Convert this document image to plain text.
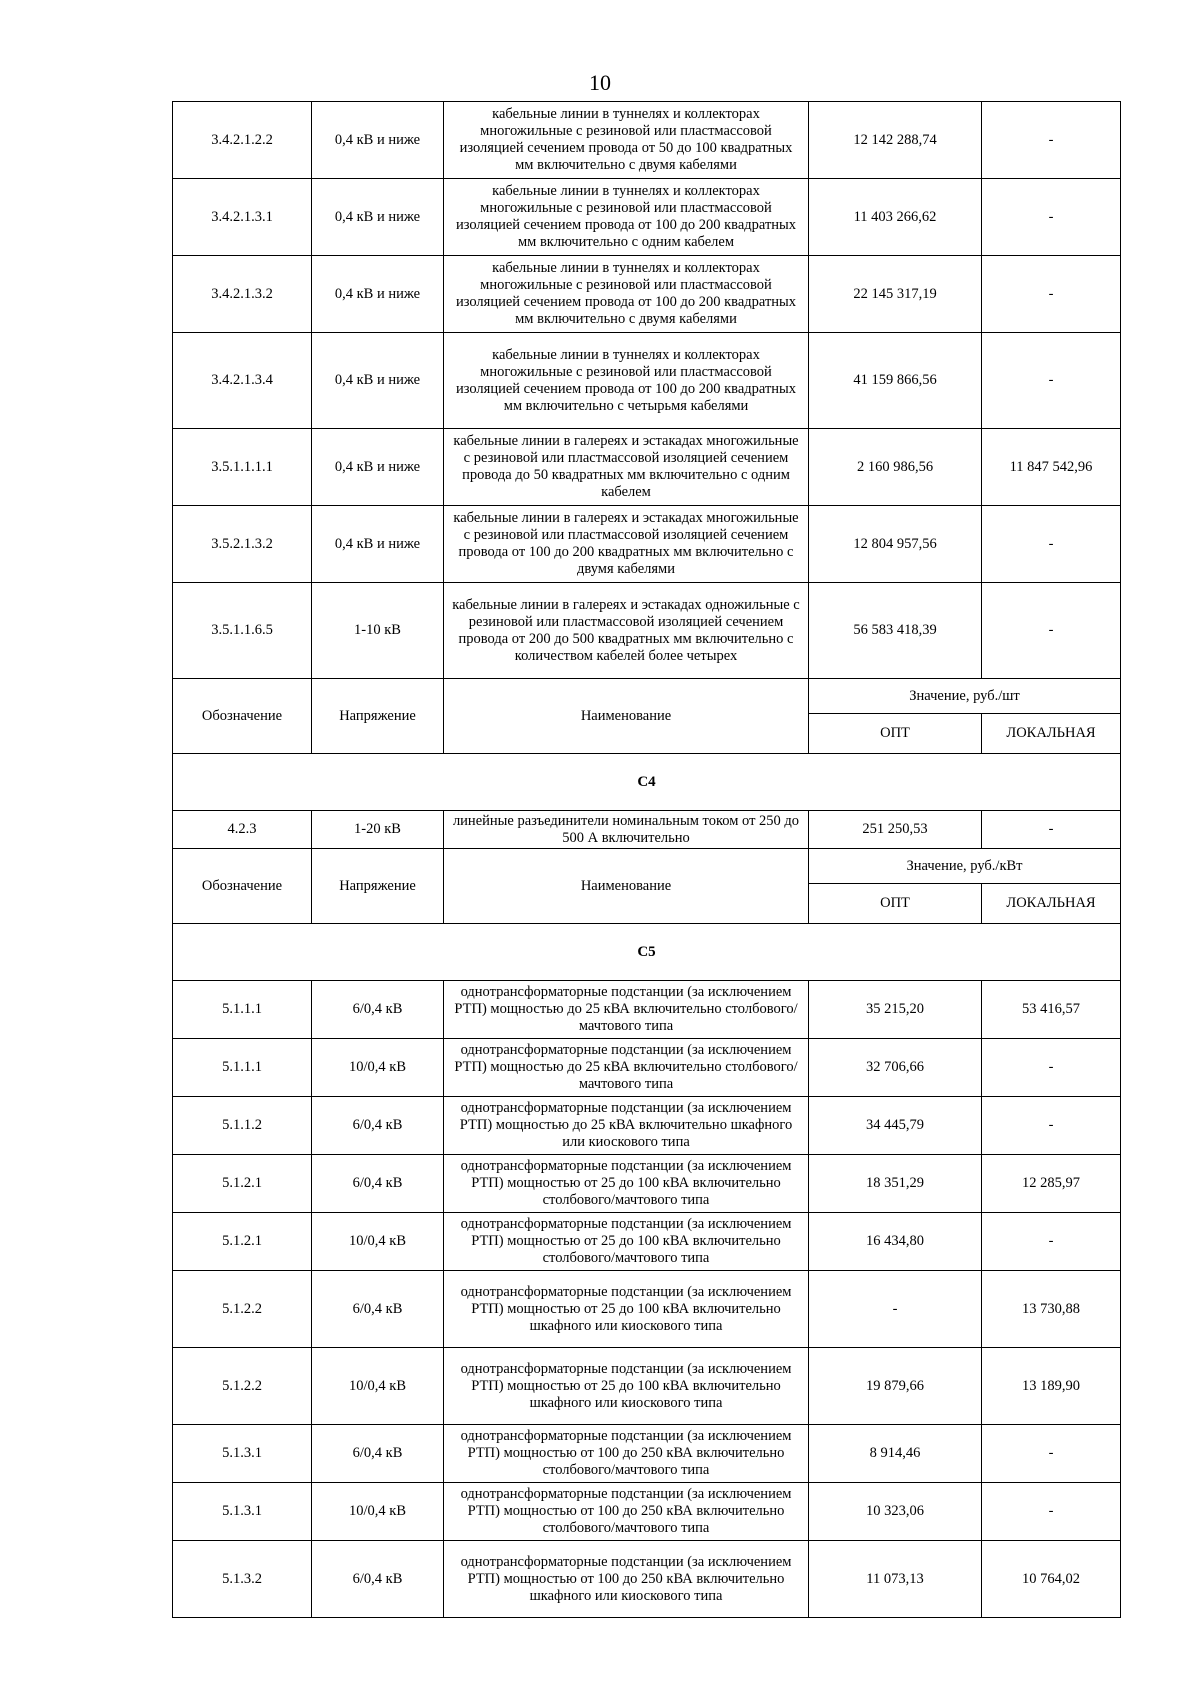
10
3.4.2.1.2.2	0,4 кВ и ниже	кабельные линии в туннелях и коллекторах многожильные с резиновой или пластмассовой изоляцией сечением провода от 50 до 100 квадратных мм включительно с двумя кабелями	12 142 288,74	-
3.4.2.1.3.1	0,4 кВ и ниже	кабельные линии в туннелях и коллекторах многожильные с резиновой или пластмассовой изоляцией сечением провода от 100 до 200 квадратных мм включительно с одним кабелем	11 403 266,62	-
3.4.2.1.3.2	0,4 кВ и ниже	кабельные линии в туннелях и коллекторах многожильные с резиновой или пластмассовой изоляцией сечением провода от 100 до 200 квадратных мм включительно с двумя кабелями	22 145 317,19	-
3.4.2.1.3.4	0,4 кВ и ниже	кабельные линии в туннелях и коллекторах многожильные с резиновой или пластмассовой изоляцией сечением провода от 100 до 200 квадратных мм включительно с четырьмя кабелями	41 159 866,56	-
3.5.1.1.1.1	0,4 кВ и ниже	кабельные линии в галереях и эстакадах многожильные с резиновой или пластмассовой изоляцией сечением провода до 50 квадратных мм включительно с одним кабелем	2 160 986,56	11 847 542,96
3.5.2.1.3.2	0,4 кВ и ниже	кабельные линии в галереях и эстакадах многожильные с резиновой или пластмассовой изоляцией сечением провода от 100 до 200 квадратных мм включительно с двумя кабелями	12 804 957,56	-
3.5.1.1.6.5	1-10 кВ	кабельные линии в галереях и эстакадах одножильные с резиновой или пластмассовой изоляцией сечением провода от 200 до 500 квадратных мм включительно с количеством кабелей более четырех	56 583 418,39	-
Обозначение	Напряжение	Наименование	Значение, руб./шт	
			ОПТ	ЛОКАЛЬНАЯ
С4				
4.2.3	1-20 кВ	линейные разъединители номинальным током от 250 до 500 А включительно	251 250,53	-
Обозначение	Напряжение	Наименование	Значение, руб./кВт	
			ОПТ	ЛОКАЛЬНАЯ
С5				
5.1.1.1	6/0,4 кВ	однотрансформаторные подстанции (за исключением РТП) мощностью до 25 кВА включительно столбового/мачтового типа	35 215,20	53 416,57
5.1.1.1	10/0,4 кВ	однотрансформаторные подстанции (за исключением РТП) мощностью до 25 кВА включительно столбового/мачтового типа	32 706,66	-
5.1.1.2	6/0,4 кВ	однотрансформаторные подстанции (за исключением РТП) мощностью до 25 кВА включительно шкафного или киоскового типа	34 445,79	-
5.1.2.1	6/0,4 кВ	однотрансформаторные подстанции (за исключением РТП) мощностью от 25 до 100 кВА включительно столбового/мачтового типа	18 351,29	12 285,97
5.1.2.1	10/0,4 кВ	однотрансформаторные подстанции (за исключением РТП) мощностью от 25 до 100 кВА включительно столбового/мачтового типа	16 434,80	-
5.1.2.2	6/0,4 кВ	однотрансформаторные подстанции (за исключением РТП) мощностью от 25 до 100 кВА включительно шкафного или киоскового типа	-	13 730,88
5.1.2.2	10/0,4 кВ	однотрансформаторные подстанции (за исключением РТП) мощностью от 25 до 100 кВА включительно шкафного или киоскового типа	19 879,66	13 189,90
5.1.3.1	6/0,4 кВ	однотрансформаторные подстанции (за исключением РТП) мощностью от 100 до 250 кВА включительно столбового/мачтового типа	8 914,46	-
5.1.3.1	10/0,4 кВ	однотрансформаторные подстанции (за исключением РТП) мощностью от 100 до 250 кВА включительно столбового/мачтового типа	10 323,06	-
5.1.3.2	6/0,4 кВ	однотрансформаторные подстанции (за исключением РТП) мощностью от 100 до 250 кВА включительно шкафного или киоскового типа	11 073,13	10 764,02
